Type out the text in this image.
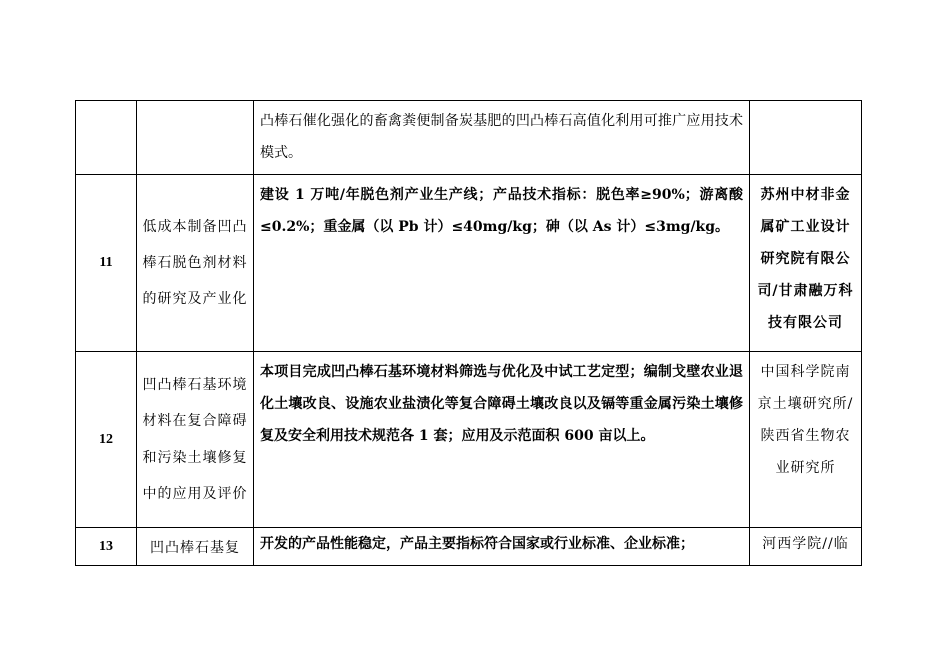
		凸棒石催化强化的畜禽粪便制备炭基肥的凹凸棒石高值化利用可推广应用技术模式。	
11	低成本制备凹凸棒石脱色剂材料的研究及产业化	建设 1 万吨/年脱色剂产业生产线；产品技术指标：脱色率≥90%；游离酸≤0.2%；重金属（以 Pb 计）≤40mg/kg；砷（以 As 计）≤3mg/kg。	苏州中材非金属矿工业设计研究院有限公司/甘肃融万科技有限公司
12	凹凸棒石基环境材料在复合障碍和污染土壤修复中的应用及评价	本项目完成凹凸棒石基环境材料筛选与优化及中试工艺定型；编制戈壁农业退化土壤改良、设施农业盐渍化等复合障碍土壤改良以及镉等重金属污染土壤修复及安全利用技术规范各 1 套；应用及示范面积 600 亩以上。	中国科学院南京土壤研究所/陕西省生物农业研究所
13	凹凸棒石基复	开发的产品性能稳定，产品主要指标符合国家或行业标准、企业标准；	河西学院//临
